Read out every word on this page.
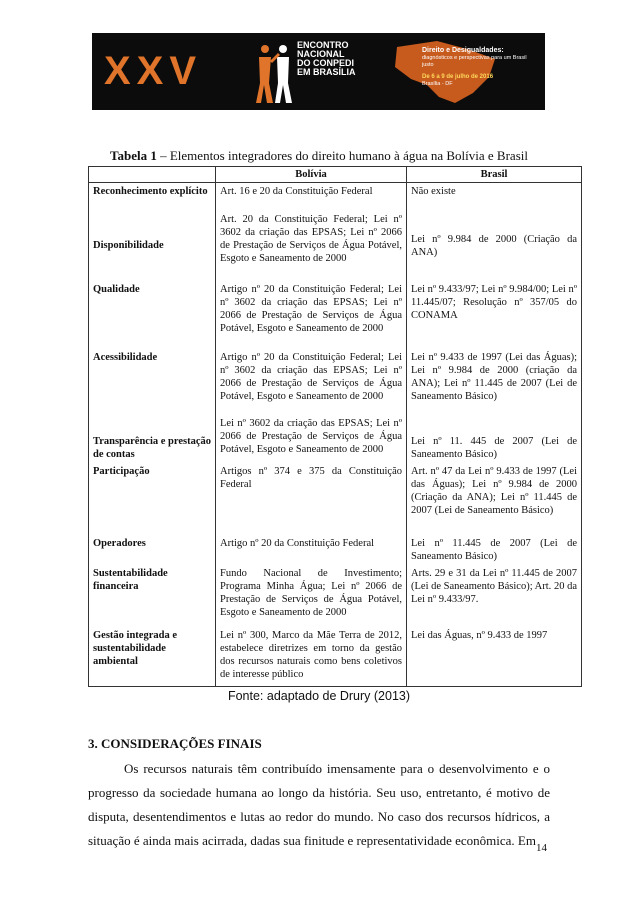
XXV
ENCONTRO
NACIONAL
DO CONPEDI
EM BRASÍLIA
Direito e Desigualdades:
diagnósticos e perspectivas para um Brasil justo
De 6 a 9 de julho de 2016
Brasília - DF
Tabela 1 – Elementos integradores do direito humano à água na Bolívia e Brasil
	Bolívia	Brasil
Reconhecimento explícito	Art. 16 e 20 da Constituição Federal	Não existe
Disponibilidade	Art. 20 da Constituição Federal; Lei nº 3602 da criação das EPSAS; Lei nº 2066 de Prestação de Serviços de Água Potável, Esgoto e Saneamento de 2000	Lei nº 9.984 de 2000 (Criação da ANA)
Qualidade	Artigo nº 20 da Constituição Federal; Lei nº 3602 da criação das EPSAS; Lei nº 2066 de Prestação de Serviços de Água Potável, Esgoto e Saneamento de 2000	Lei nº 9.433/97; Lei nº 9.984/00; Lei nº 11.445/07; Resolução nº 357/05 do CONAMA
Acessibilidade	Artigo nº 20 da Constituição Federal; Lei nº 3602 da criação das EPSAS; Lei nº 2066 de Prestação de Serviços de Água Potável, Esgoto e Saneamento de 2000	Lei nº 9.433 de 1997 (Lei das Águas); Lei nº 9.984 de 2000 (criação da ANA); Lei nº 11.445 de 2007 (Lei de Saneamento Básico)
Transparência e prestação de contas	Lei nº 3602 da criação das EPSAS; Lei nº 2066 de Prestação de Serviços de Água Potável, Esgoto e Saneamento de 2000	Lei nº 11. 445 de 2007 (Lei de Saneamento Básico)
Participação	Artigos nº 374 e 375 da Constituição Federal	Art. nº 47 da Lei nº 9.433 de 1997 (Lei das Águas); Lei nº 9.984 de 2000 (Criação da ANA); Lei nº 11.445 de 2007 (Lei de Saneamento Básico)
Operadores	Artigo nº 20 da Constituição Federal	Lei nº 11.445 de 2007 (Lei de Saneamento Básico)
Sustentabilidade financeira	Fundo Nacional de Investimento; Programa Minha Água; Lei nº 2066 de Prestação de Serviços de Água Potável, Esgoto e Saneamento de 2000	Arts. 29 e 31 da Lei nº 11.445 de 2007 (Lei de Saneamento Básico); Art. 20 da Lei nº 9.433/97.
Gestão integrada e sustentabilidade ambiental	Lei nº 300, Marco da Mãe Terra de 2012, estabelece diretrizes em torno da gestão dos recursos naturais como bens coletivos de interesse público	Lei das Águas, nº 9.433 de 1997
Fonte: adaptado de Drury (2013)
3. CONSIDERAÇÕES FINAIS

Os recursos naturais têm contribuído imensamente para o desenvolvimento e o progresso da sociedade humana ao longo da história. Seu uso, entretanto, é motivo de disputa, desentendimentos e lutas ao redor do mundo. No caso dos recursos hídricos, a situação é ainda mais acirrada, dadas sua finitude e representatividade econômica. Em 14
